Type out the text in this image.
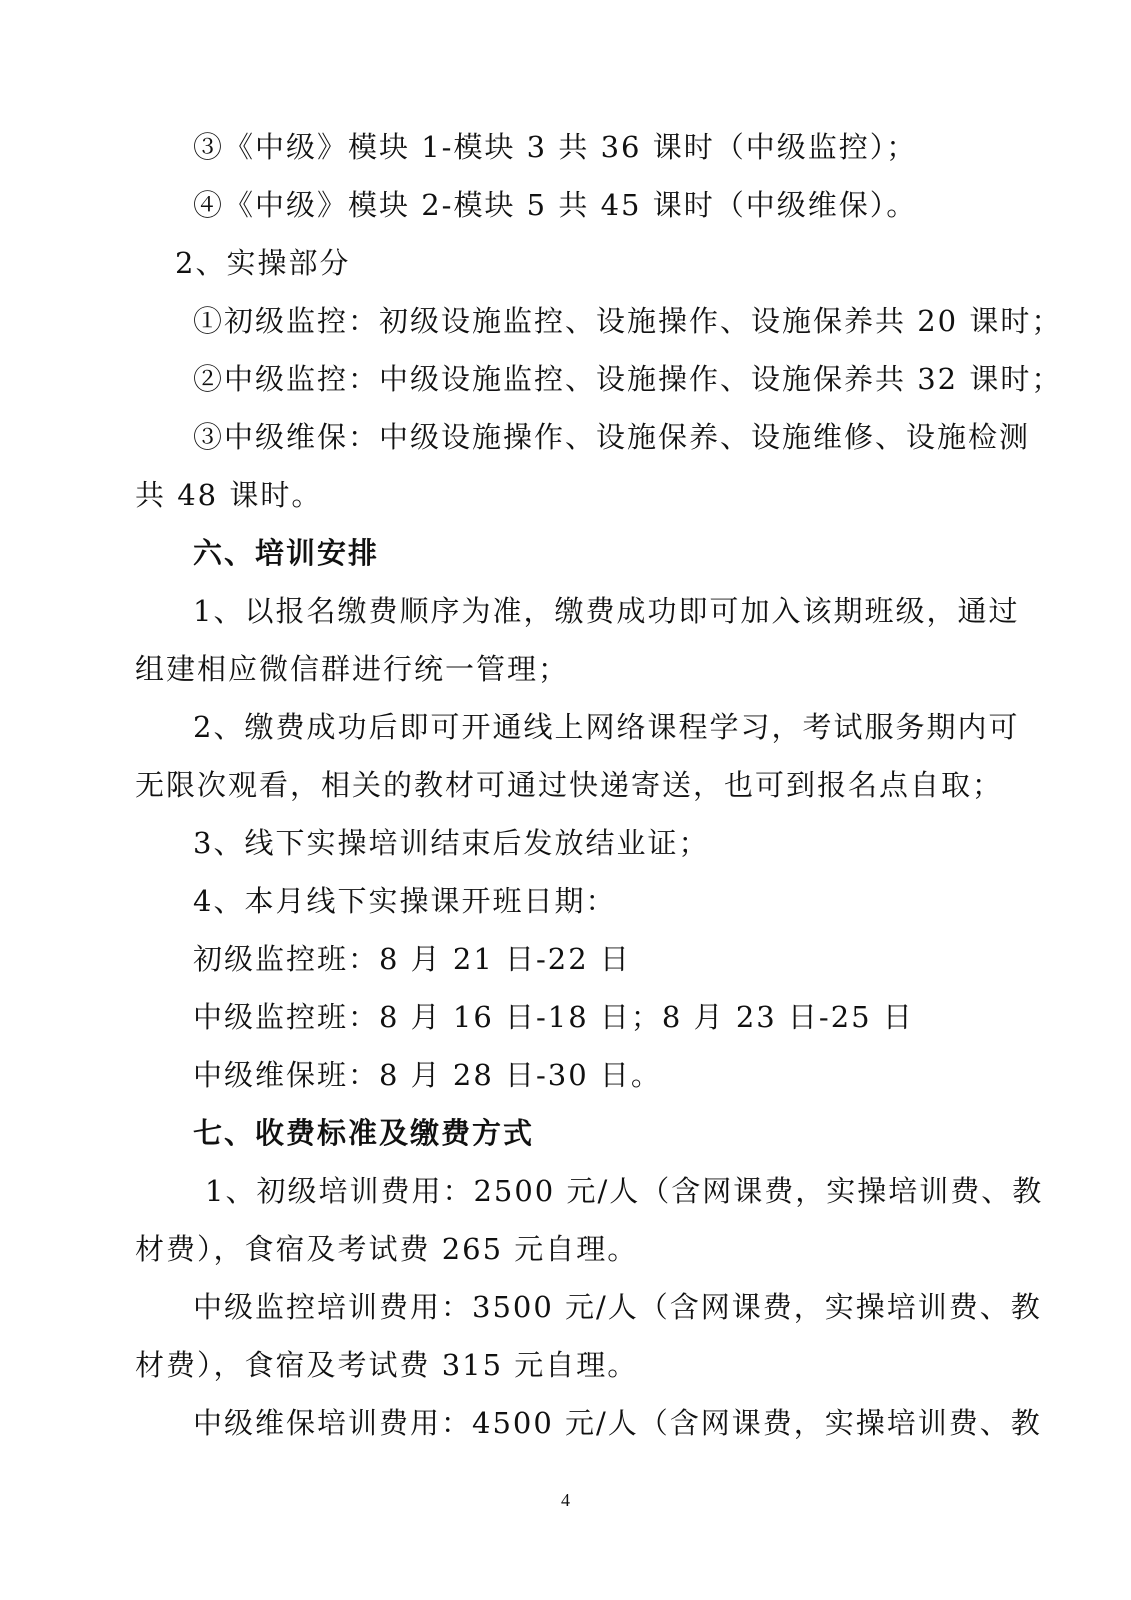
③《中级》模块 1-模块 3 共 36 课时（中级监控）；
④《中级》模块 2-模块 5 共 45 课时（中级维保）。
2、实操部分
①初级监控：初级设施监控、设施操作、设施保养共 20 课时；
②中级监控：中级设施监控、设施操作、设施保养共 32 课时；
③中级维保：中级设施操作、设施保养、设施维修、设施检测
共 48 课时。
六、培训安排
1、以报名缴费顺序为准，缴费成功即可加入该期班级，通过
组建相应微信群进行统一管理；
2、缴费成功后即可开通线上网络课程学习，考试服务期内可
无限次观看，相关的教材可通过快递寄送，也可到报名点自取；
3、线下实操培训结束后发放结业证；
4、本月线下实操课开班日期：
初级监控班：8 月 21 日-22 日
中级监控班：8 月 16 日-18 日；8 月 23 日-25 日
中级维保班：8 月 28 日-30 日。
七、收费标准及缴费方式
1、初级培训费用：2500 元/人（含网课费，实操培训费、教
材费），食宿及考试费 265 元自理。
中级监控培训费用：3500 元/人（含网课费，实操培训费、教
材费），食宿及考试费 315 元自理。
中级维保培训费用：4500 元/人（含网课费，实操培训费、教
4
